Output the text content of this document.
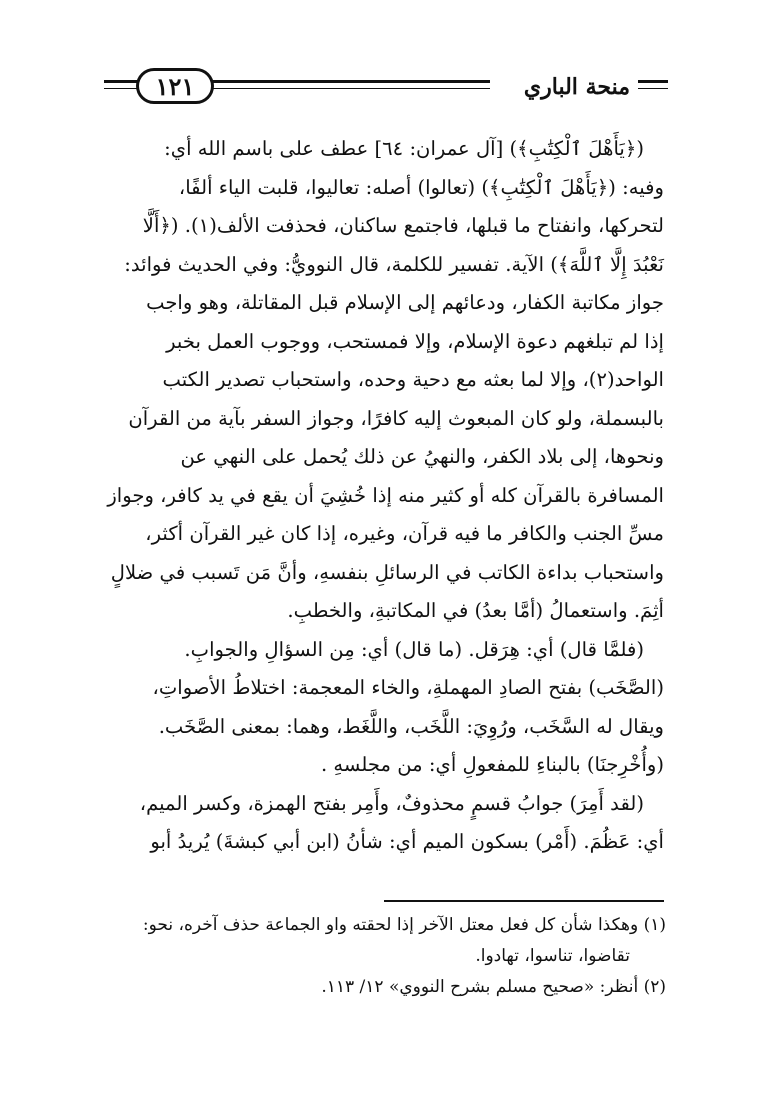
١٢١	منحة الباري

(﴿يَأَهْلَ ٱلْكِتَٰبِ﴾) [آل عمران: ٦٤] عطف على باسم الله أي:

وفيه: (﴿يَأَهْلَ ٱلْكِتَٰبِ﴾) (تعالوا) أصله: تعاليوا، قلبت الياء ألفًا،

لتحركها، وانفتاح ما قبلها، فاجتمع ساكنان، فحذفت الألف(١). (﴿أَلَّا

نَعْبُدَ إِلَّا ٱللَّهَ﴾) الآية. تفسير للكلمة، قال النوويُّ: وفي الحديث فوائد:

جواز مكاتبة الكفار، ودعائهم إلى الإسلام قبل المقاتلة، وهو واجب

إذا لم تبلغهم دعوة الإسلام، وإلا فمستحب، ووجوب العمل بخبر

الواحد(٢)، وإلا لما بعثه مع دحية وحده، واستحباب تصدير الكتب

بالبسملة، ولو كان المبعوث إليه كافرًا، وجواز السفر بآية من القرآن

ونحوها، إلى بلاد الكفر، والنهيُ عن ذلك يُحمل على النهي عن

المسافرة بالقرآن كله أو كثير منه إذا خُشِيَ أن يقع في يد كافر، وجواز

مسِّ الجنب والكافر ما فيه قرآن، وغيره، إذا كان غير القرآن أكثر،

واستحباب بداءة الكاتب في الرسائلِ بنفسهِ، وأنَّ مَن تَسبب في ضلالٍ

أثِمَ. واستعمالُ (أمَّا بعدُ) في المكاتبةِ، والخطبِ.

(فلمَّا قال) أي: هِرَقل. (ما قال) أي: مِن السؤالِ والجوابِ.

(الصَّخَب) بفتح الصادِ المهملةِ، والخاء المعجمة: اختلاطُ الأصواتِ،

ويقال له السَّخَب، ورُوِيَ: اللَّخَب، واللَّغَط، وهما: بمعنى الصَّخَب.

(وأُخْرِجنَا) بالبناءِ للمفعولِ أي: من مجلسهِ .

(لقد أَمِرَ) جوابُ قسمٍ محذوفٌ، وأَمِر بفتح الهمزة، وكسر الميم،

أي: عَظُمَ. (أَمْر) بسكون الميم أي: شأنُ (ابن أبي كبشةَ) يُريدُ أبو

(١) وهكذا شأن كل فعل معتل الآخر إذا لحقته واو الجماعة حذف آخره، نحو:

تقاضوا، تناسوا، تهادوا.

(٢) أنظر: «صحيح مسلم بشرح النووي» ١٢/ ١١٣.
